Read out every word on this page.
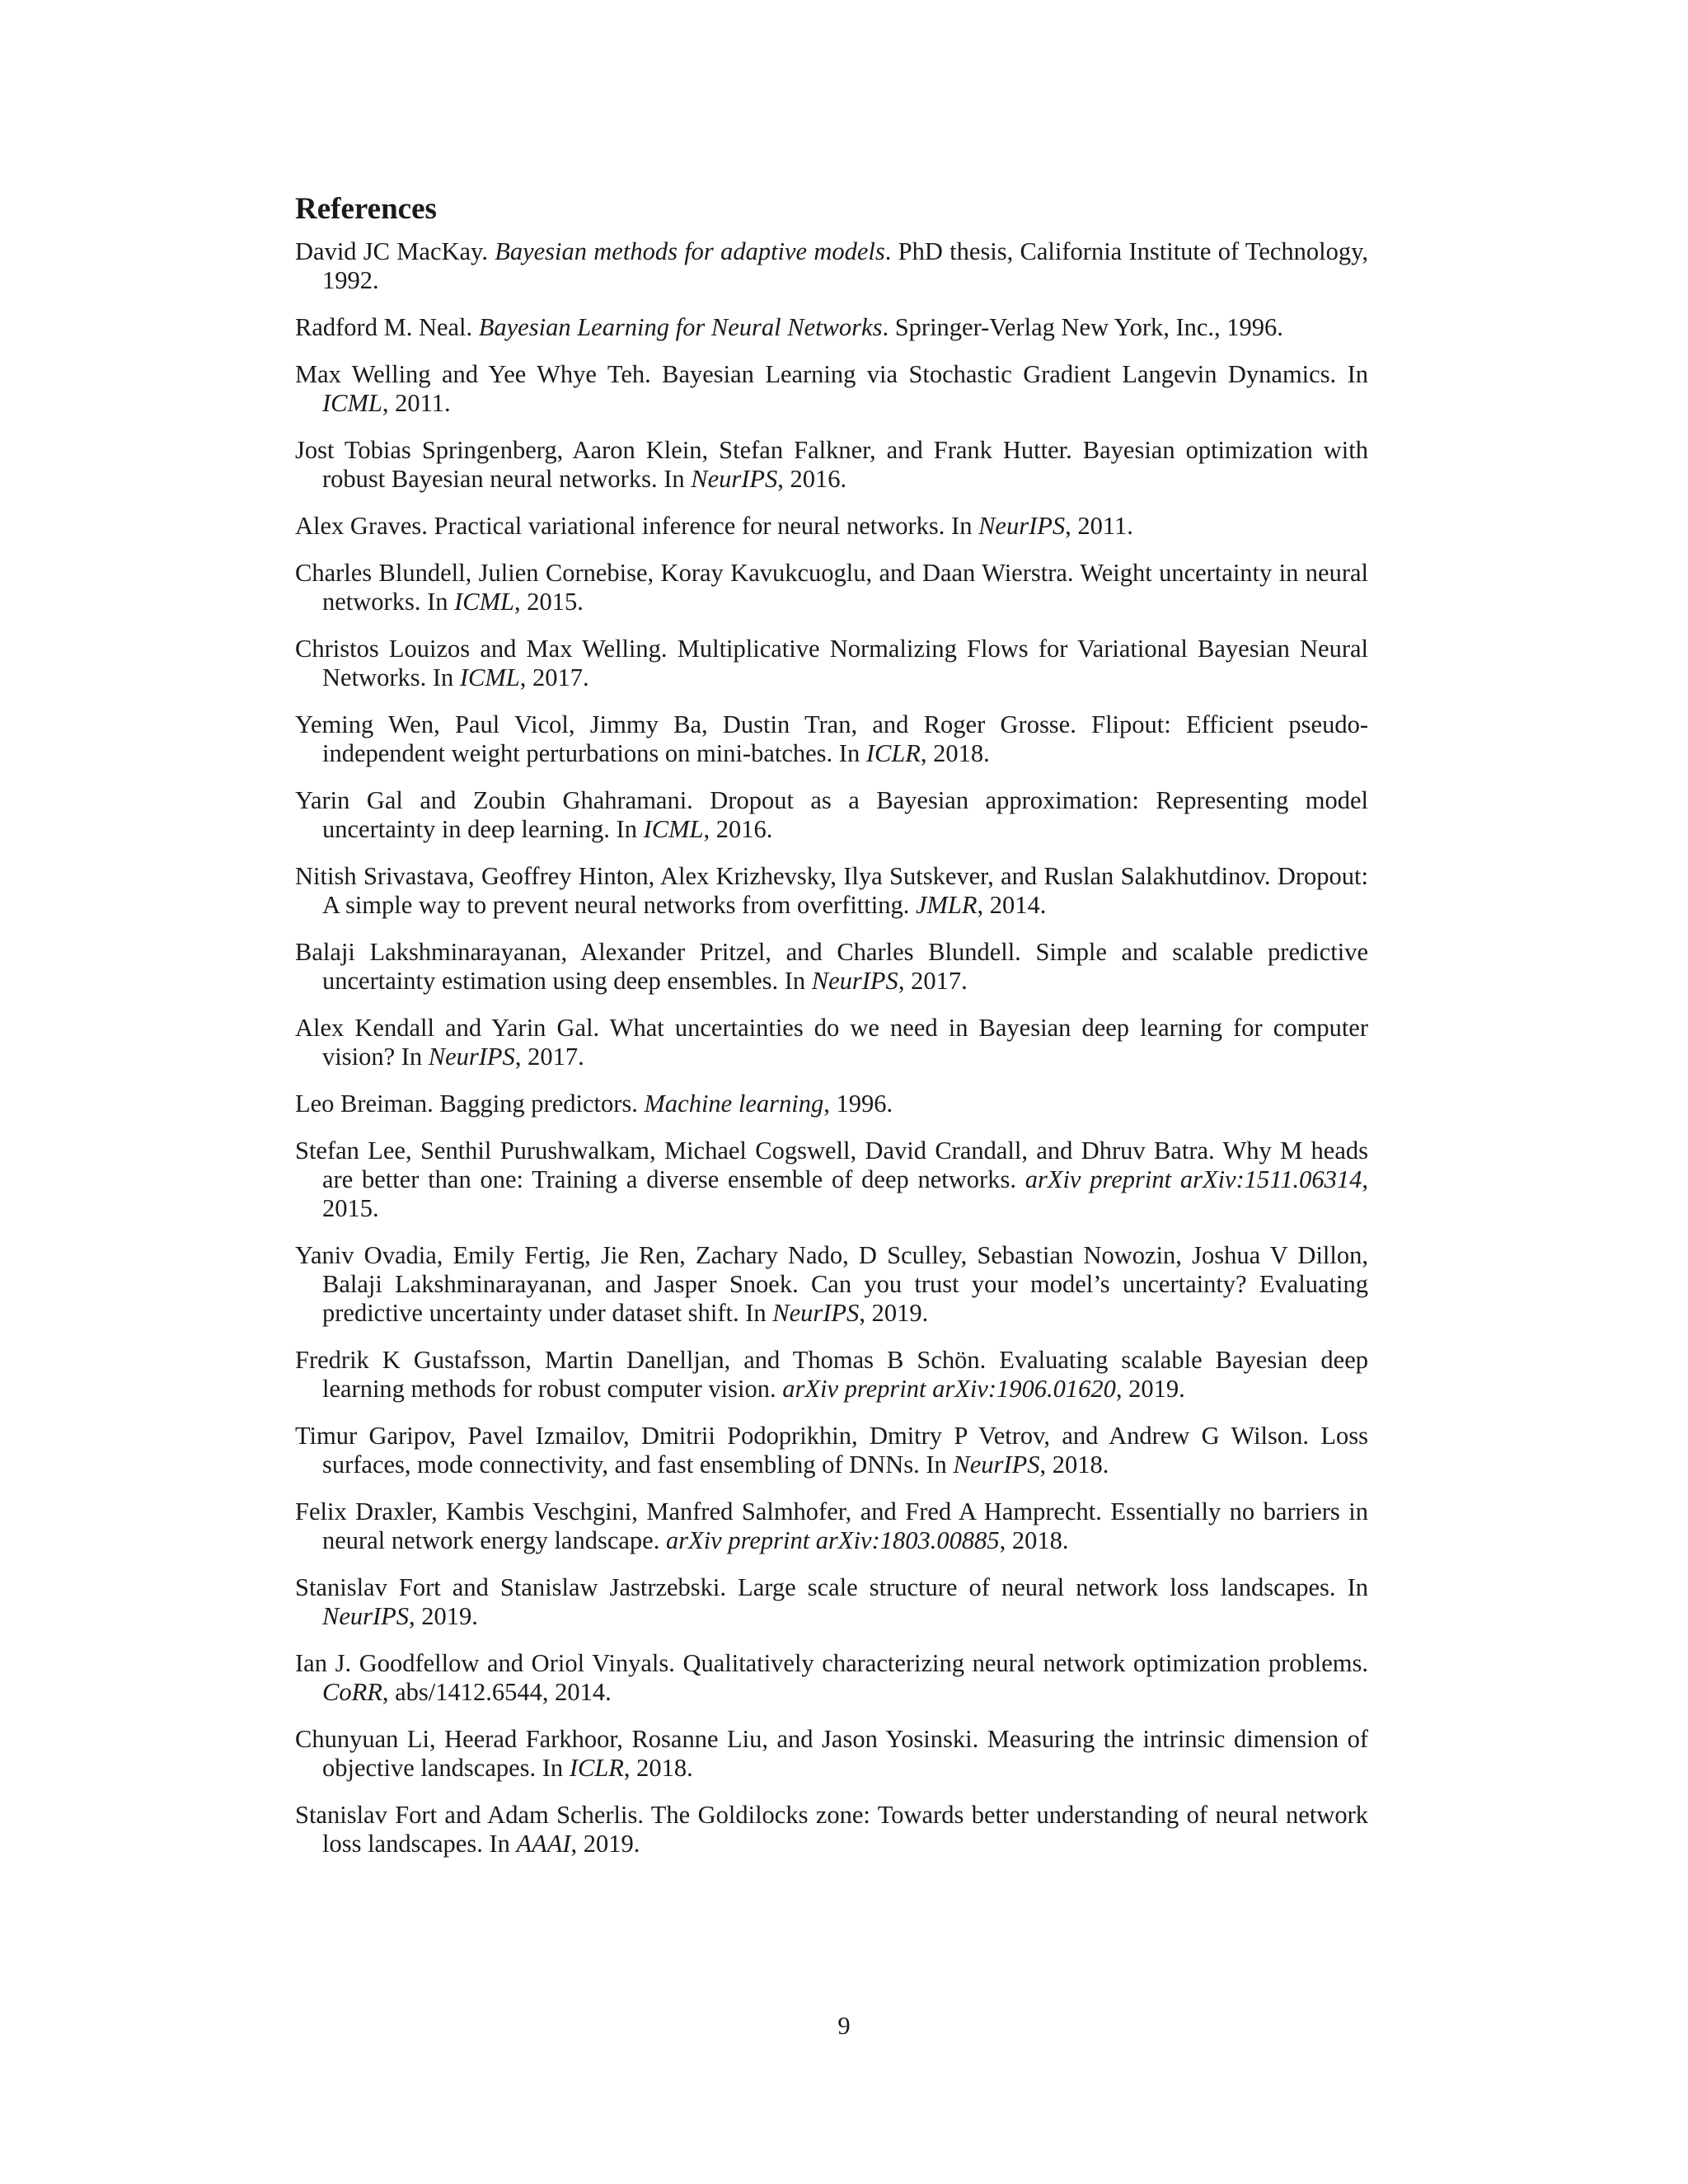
References

David JC MacKay. Bayesian methods for adaptive models. PhD thesis, California Institute of Technology, 1992.

Radford M. Neal. Bayesian Learning for Neural Networks. Springer-Verlag New York, Inc., 1996.

Max Welling and Yee Whye Teh. Bayesian Learning via Stochastic Gradient Langevin Dynamics. In ICML, 2011.

Jost Tobias Springenberg, Aaron Klein, Stefan Falkner, and Frank Hutter. Bayesian optimization with robust Bayesian neural networks. In NeurIPS, 2016.

Alex Graves. Practical variational inference for neural networks. In NeurIPS, 2011.

Charles Blundell, Julien Cornebise, Koray Kavukcuoglu, and Daan Wierstra. Weight uncertainty in neural networks. In ICML, 2015.

Christos Louizos and Max Welling. Multiplicative Normalizing Flows for Variational Bayesian Neural Networks. In ICML, 2017.

Yeming Wen, Paul Vicol, Jimmy Ba, Dustin Tran, and Roger Grosse. Flipout: Efficient pseudo-independent weight perturbations on mini-batches. In ICLR, 2018.

Yarin Gal and Zoubin Ghahramani. Dropout as a Bayesian approximation: Representing model uncertainty in deep learning. In ICML, 2016.

Nitish Srivastava, Geoffrey Hinton, Alex Krizhevsky, Ilya Sutskever, and Ruslan Salakhutdinov. Dropout: A simple way to prevent neural networks from overfitting. JMLR, 2014.

Balaji Lakshminarayanan, Alexander Pritzel, and Charles Blundell. Simple and scalable predictive uncertainty estimation using deep ensembles. In NeurIPS, 2017.

Alex Kendall and Yarin Gal. What uncertainties do we need in Bayesian deep learning for computer vision? In NeurIPS, 2017.

Leo Breiman. Bagging predictors. Machine learning, 1996.

Stefan Lee, Senthil Purushwalkam, Michael Cogswell, David Crandall, and Dhruv Batra. Why M heads are better than one: Training a diverse ensemble of deep networks. arXiv preprint arXiv:1511.06314, 2015.

Yaniv Ovadia, Emily Fertig, Jie Ren, Zachary Nado, D Sculley, Sebastian Nowozin, Joshua V Dillon, Balaji Lakshminarayanan, and Jasper Snoek. Can you trust your model’s uncertainty? Evaluating predictive uncertainty under dataset shift. In NeurIPS, 2019.

Fredrik K Gustafsson, Martin Danelljan, and Thomas B Schön. Evaluating scalable Bayesian deep learning methods for robust computer vision. arXiv preprint arXiv:1906.01620, 2019.

Timur Garipov, Pavel Izmailov, Dmitrii Podoprikhin, Dmitry P Vetrov, and Andrew G Wilson. Loss surfaces, mode connectivity, and fast ensembling of DNNs. In NeurIPS, 2018.

Felix Draxler, Kambis Veschgini, Manfred Salmhofer, and Fred A Hamprecht. Essentially no barriers in neural network energy landscape. arXiv preprint arXiv:1803.00885, 2018.

Stanislav Fort and Stanislaw Jastrzebski. Large scale structure of neural network loss landscapes. In NeurIPS, 2019.

Ian J. Goodfellow and Oriol Vinyals. Qualitatively characterizing neural network optimization problems. CoRR, abs/1412.6544, 2014.

Chunyuan Li, Heerad Farkhoor, Rosanne Liu, and Jason Yosinski. Measuring the intrinsic dimension of objective landscapes. In ICLR, 2018.

Stanislav Fort and Adam Scherlis. The Goldilocks zone: Towards better understanding of neural network loss landscapes. In AAAI, 2019.

9
